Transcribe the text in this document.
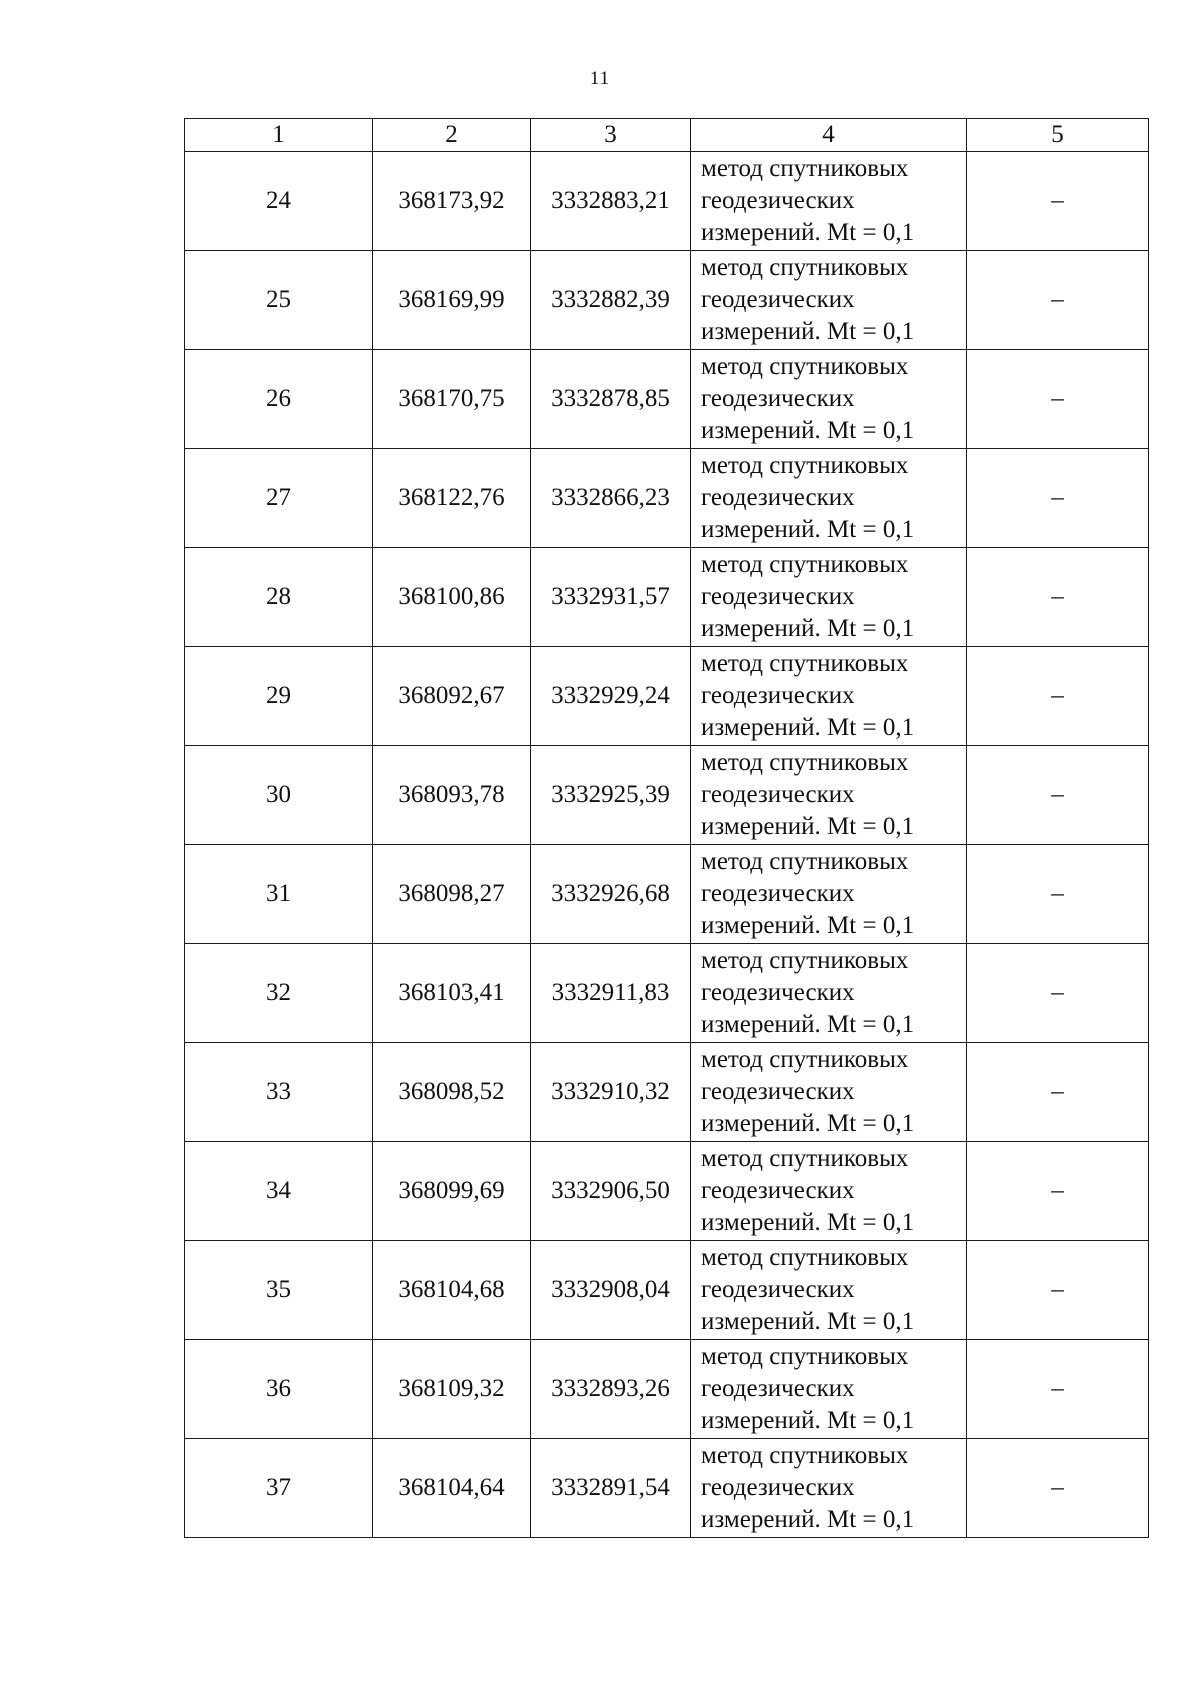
11
1	2	3	4	5
24	368173,92	3332883,21	метод спутниковых
геодезических
измерений. Mt = 0,1	–
25	368169,99	3332882,39	метод спутниковых
геодезических
измерений. Mt = 0,1	–
26	368170,75	3332878,85	метод спутниковых
геодезических
измерений. Mt = 0,1	–
27	368122,76	3332866,23	метод спутниковых
геодезических
измерений. Mt = 0,1	–
28	368100,86	3332931,57	метод спутниковых
геодезических
измерений. Mt = 0,1	–
29	368092,67	3332929,24	метод спутниковых
геодезических
измерений. Mt = 0,1	–
30	368093,78	3332925,39	метод спутниковых
геодезических
измерений. Mt = 0,1	–
31	368098,27	3332926,68	метод спутниковых
геодезических
измерений. Mt = 0,1	–
32	368103,41	3332911,83	метод спутниковых
геодезических
измерений. Mt = 0,1	–
33	368098,52	3332910,32	метод спутниковых
геодезических
измерений. Mt = 0,1	–
34	368099,69	3332906,50	метод спутниковых
геодезических
измерений. Mt = 0,1	–
35	368104,68	3332908,04	метод спутниковых
геодезических
измерений. Mt = 0,1	–
36	368109,32	3332893,26	метод спутниковых
геодезических
измерений. Mt = 0,1	–
37	368104,64	3332891,54	метод спутниковых
геодезических
измерений. Mt = 0,1	–
